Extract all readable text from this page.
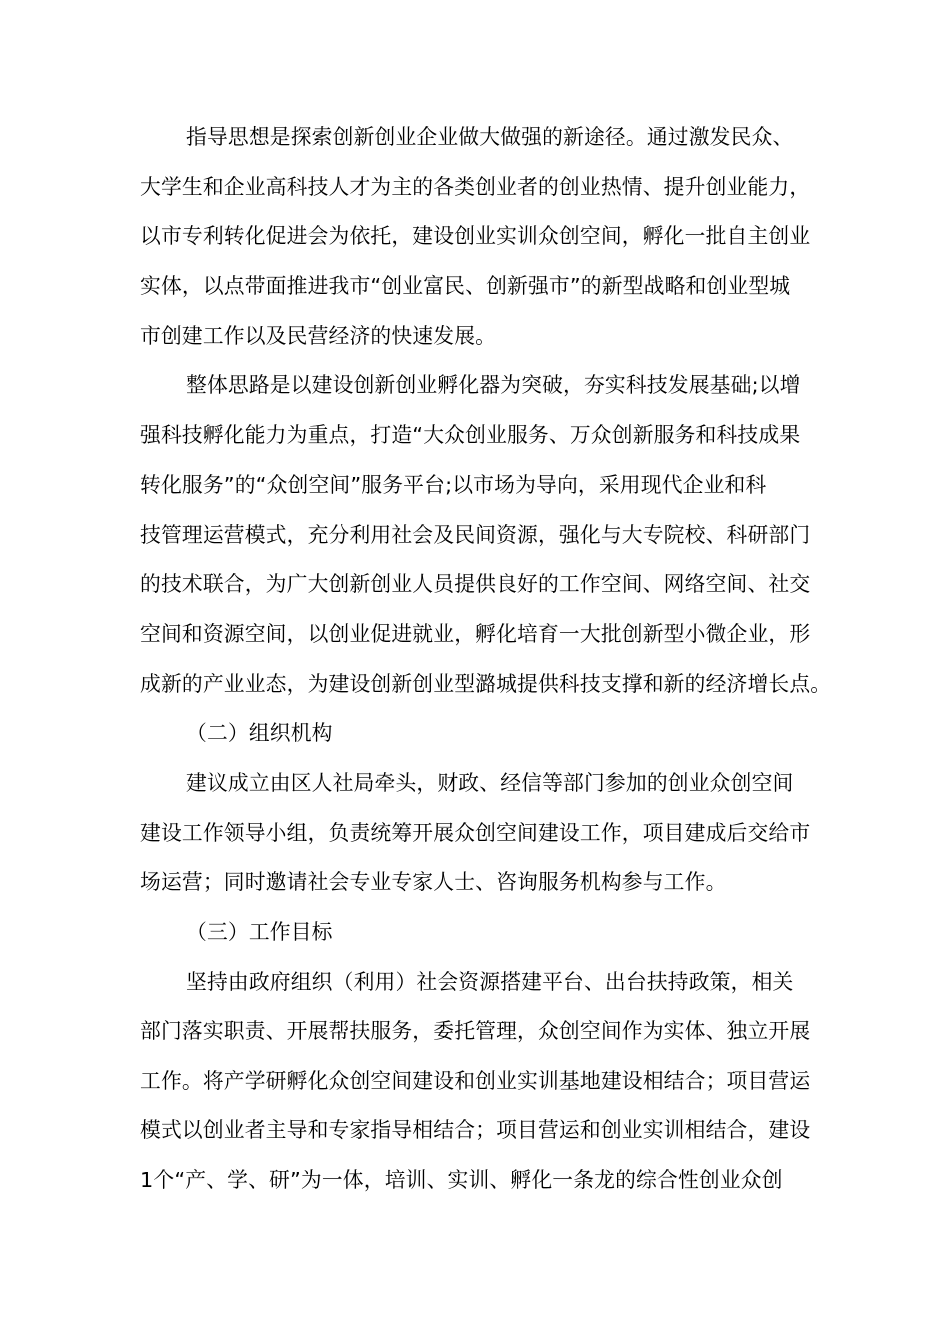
指导思想是探索创新创业企业做大做强的新途径。通过激发民众、
大学生和企业高科技人才为主的各类创业者的创业热情、提升创业能力，
以市专利转化促进会为依托，建设创业实训众创空间，孵化一批自主创业
实体，以点带面推进我市“创业富民、创新强市”的新型战略和创业型城
市创建工作以及民营经济的快速发展。
整体思路是以建设创新创业孵化器为突破，夯实科技发展基础;以增
强科技孵化能力为重点，打造“大众创业服务、万众创新服务和科技成果
转化服务”的“众创空间”服务平台;以市场为导向，采用现代企业和科
技管理运营模式，充分利用社会及民间资源，强化与大专院校、科研部门
的技术联合，为广大创新创业人员提供良好的工作空间、网络空间、社交
空间和资源空间，以创业促进就业，孵化培育一大批创新型小微企业，形
成新的产业业态，为建设创新创业型潞城提供科技支撑和新的经济增长点。
（二）组织机构
建议成立由区人社局牵头，财政、经信等部门参加的创业众创空间
建设工作领导小组，负责统筹开展众创空间建设工作，项目建成后交给市
场运营；同时邀请社会专业专家人士、咨询服务机构参与工作。
（三）工作目标
坚持由政府组织（利用）社会资源搭建平台、出台扶持政策，相关
部门落实职责、开展帮扶服务，委托管理，众创空间作为实体、独立开展
工作。将产学研孵化众创空间建设和创业实训基地建设相结合；项目营运
模式以创业者主导和专家指导相结合；项目营运和创业实训相结合，建设
1个“产、学、研”为一体，培训、实训、孵化一条龙的综合性创业众创
